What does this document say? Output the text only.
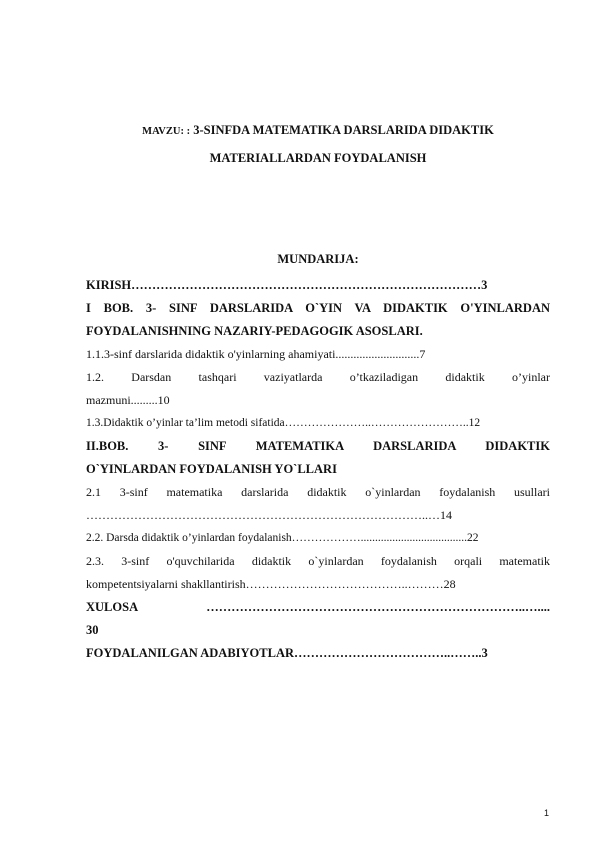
MAVZU: : 3-SINFDA MATEMATIKA DARSLARIDA DIDAKTIK
MATERIALLARDAN FOYDALANISH
MUNDARIJA:
KIRISH…………………………………………………………………………3
I BOB. 3- SINF DARSLARIDA O`YIN VA DIDAKTIK O'YINLARDAN
FOYDALANISHNING NAZARIY-PEDAGOGIK ASOSLARI.
1.1.3-sinf darslarida didaktik o'yinlarning ahamiyati............................7
1.2. Darsdan tashqari vaziyatlarda o’tkaziladigan didaktik o’yinlar
mazmuni.........10
1.3.Didaktik o’yinlar ta’lim metodi sifatida…………………..……………………..12
II.BOB. 3- SINF MATEMATIKA DARSLARIDA DIDAKTIK
O`YINLARDAN FOYDALANISH YO`LLARI
2.1 3-sinf matematika darslarida didaktik o`yinlardan foydalanish usullari
…………………………………………………………………………..…14
2.2. Darsda didaktik o’yinlardan foydalanish……………….....................................22
2.3. 3-sinf o'quvchilarida didaktik o`yinlardan foydalanish orqali matematik
kompetentsiyalarni shakllantirish…………………………………..………28
XULOSA …………………………………………………………………..…....
30
FOYDALANILGAN ADABIYOTLAR………………………………..……..3
1
